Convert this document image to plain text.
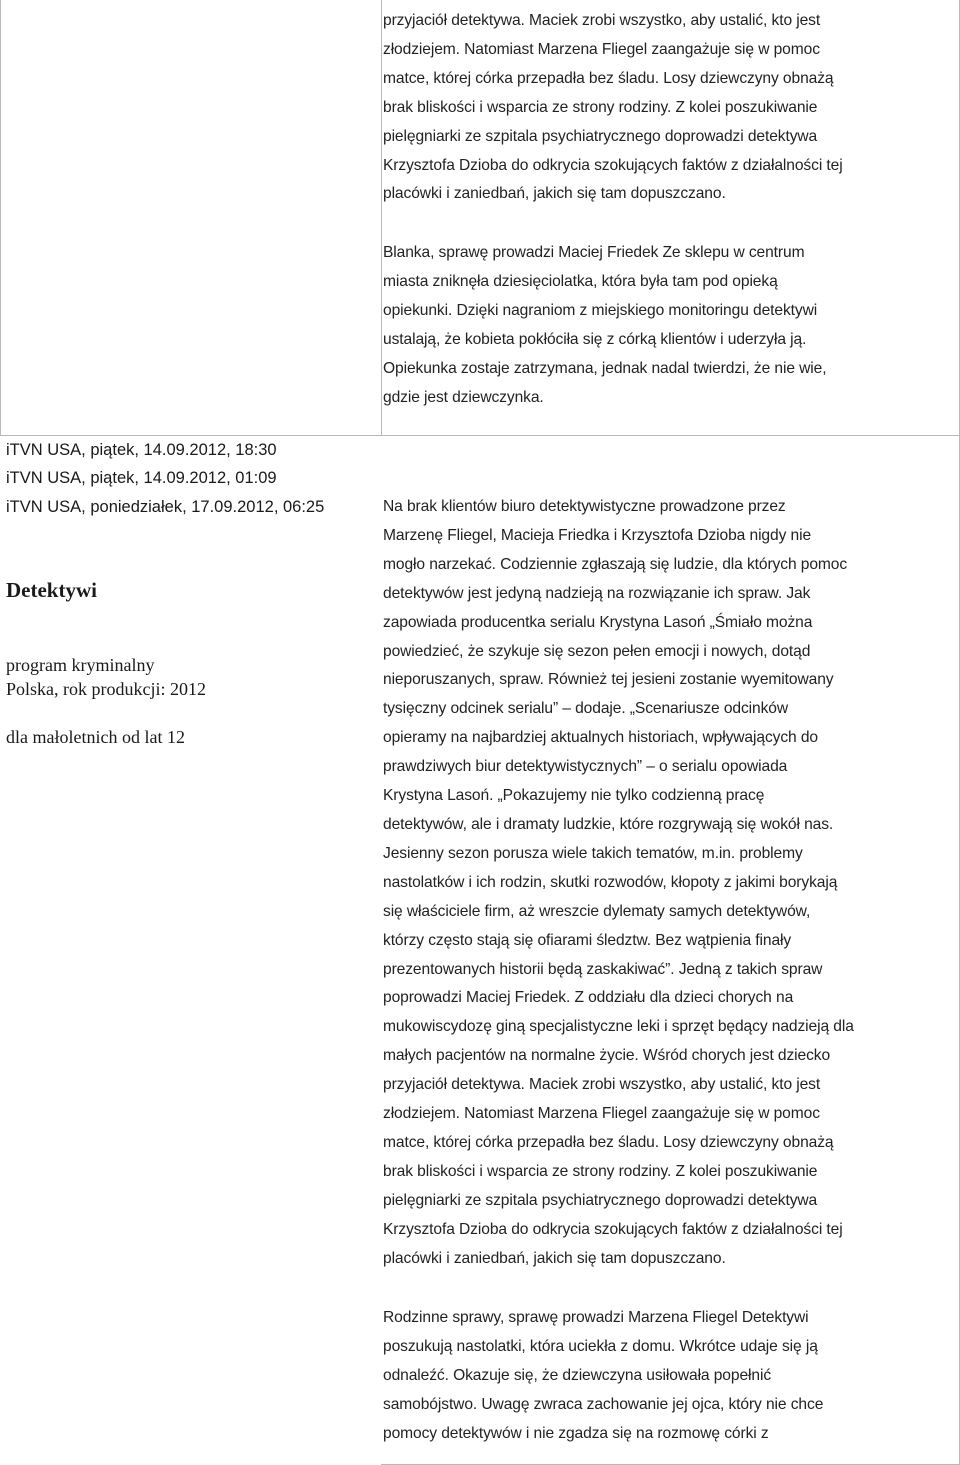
przyjaciół detektywa. Maciek zrobi wszystko, aby ustalić, kto jest
złodziejem. Natomiast Marzena Fliegel zaangażuje się w pomoc
matce, której córka przepadła bez śladu. Losy dziewczyny obnażą
brak bliskości i wsparcia ze strony rodziny. Z kolei poszukiwanie
pielęgniarki ze szpitala psychiatrycznego doprowadzi detektywa
Krzysztofa Dzioba do odkrycia szokujących faktów z działalności tej
placówki i zaniedbań, jakich się tam dopuszczano.

Blanka, sprawę prowadzi Maciej Friedek Ze sklepu w centrum
miasta zniknęła dziesięciolatka, która była tam pod opieką
opiekunki. Dzięki nagraniom z miejskiego monitoringu detektywi
ustalają, że kobieta pokłóciła się z córką klientów i uderzyła ją.
Opiekunka zostaje zatrzymana, jednak nadal twierdzi, że nie wie,
gdzie jest dziewczynka.

iTVN USA, piątek, 14.09.2012, 18:30

iTVN USA, piątek, 14.09.2012, 01:09

iTVN USA, poniedziałek, 17.09.2012, 06:25

Detektywi

program kryminalny

Polska, rok produkcji: 2012

dla małoletnich od lat 12

Na brak klientów biuro detektywistyczne prowadzone przez
Marzenę Fliegel, Macieja Friedka i Krzysztofa Dzioba nigdy nie
mogło narzekać. Codziennie zgłaszają się ludzie, dla których pomoc
detektywów jest jedyną nadzieją na rozwiązanie ich spraw. Jak
zapowiada producentka serialu Krystyna Lasoń „Śmiało można
powiedzieć, że szykuje się sezon pełen emocji i nowych, dotąd
nieporuszanych, spraw. Również tej jesieni zostanie wyemitowany
tysięczny odcinek serialu” – dodaje. „Scenariusze odcinków
opieramy na najbardziej aktualnych historiach, wpływających do
prawdziwych biur detektywistycznych” – o serialu opowiada
Krystyna Lasoń. „Pokazujemy nie tylko codzienną pracę
detektywów, ale i dramaty ludzkie, które rozgrywają się wokół nas.
Jesienny sezon porusza wiele takich tematów, m.in. problemy
nastolatków i ich rodzin, skutki rozwodów, kłopoty z jakimi borykają
się właściciele firm, aż wreszcie dylematy samych detektywów,
którzy często stają się ofiarami śledztw. Bez wątpienia finały
prezentowanych historii będą zaskakiwać”. Jedną z takich spraw
poprowadzi Maciej Friedek. Z oddziału dla dzieci chorych na
mukowiscydozę giną specjalistyczne leki i sprzęt będący nadzieją dla
małych pacjentów na normalne życie. Wśród chorych jest dziecko
przyjaciół detektywa. Maciek zrobi wszystko, aby ustalić, kto jest
złodziejem. Natomiast Marzena Fliegel zaangażuje się w pomoc
matce, której córka przepadła bez śladu. Losy dziewczyny obnażą
brak bliskości i wsparcia ze strony rodziny. Z kolei poszukiwanie
pielęgniarki ze szpitala psychiatrycznego doprowadzi detektywa
Krzysztofa Dzioba do odkrycia szokujących faktów z działalności tej
placówki i zaniedbań, jakich się tam dopuszczano.

Rodzinne sprawy, sprawę prowadzi Marzena Fliegel Detektywi
poszukują nastolatki, która uciekła z domu. Wkrótce udaje się ją
odnaleźć. Okazuje się, że dziewczyna usiłowała popełnić
samobójstwo. Uwagę zwraca zachowanie jej ojca, który nie chce
pomocy detektywów i nie zgadza się na rozmowę córki z
